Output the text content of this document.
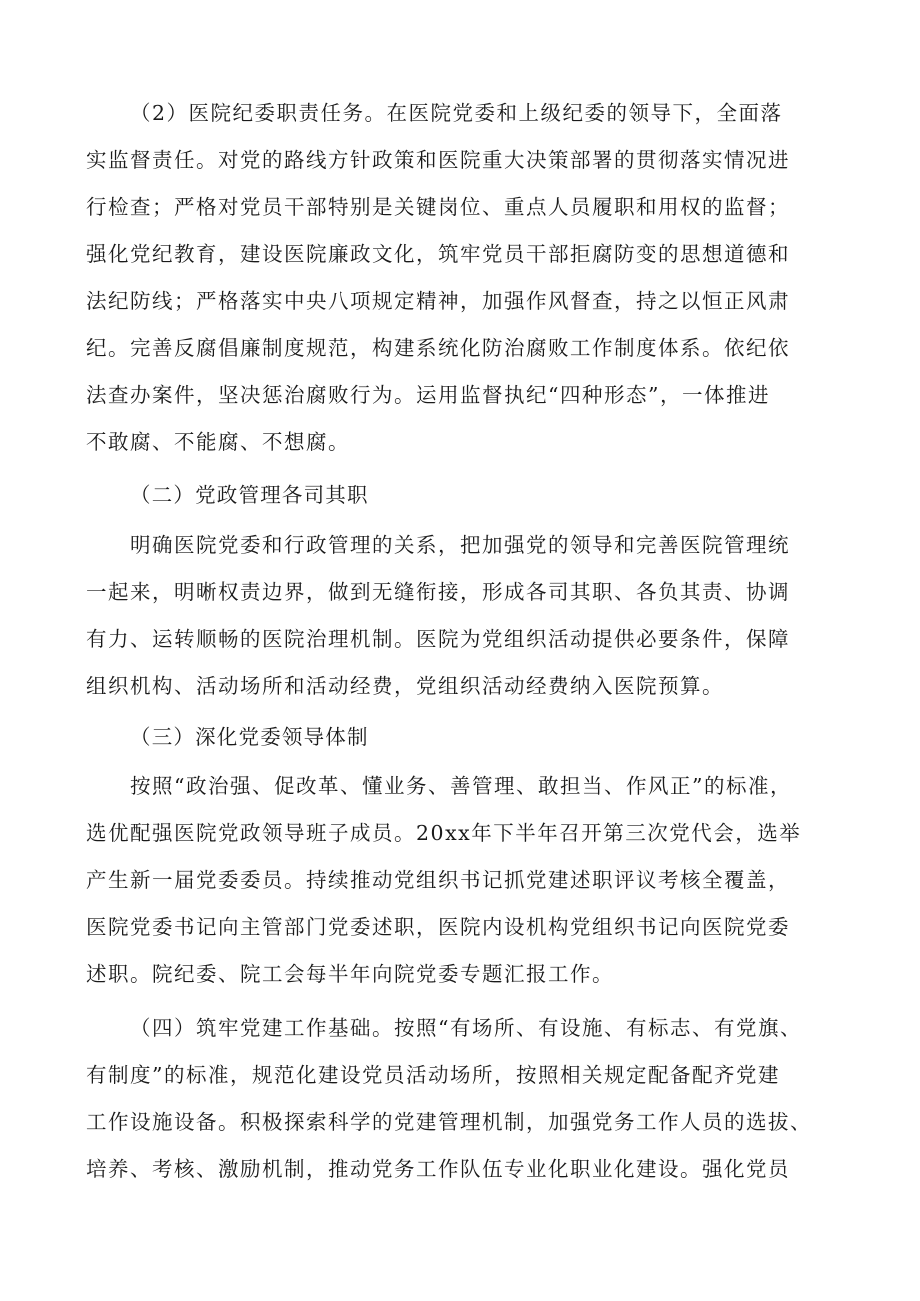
（2）医院纪委职责任务。在医院党委和上级纪委的领导下，全面落
实监督责任。对党的路线方针政策和医院重大决策部署的贯彻落实情况进
行检查；严格对党员干部特别是关键岗位、重点人员履职和用权的监督；
强化党纪教育，建设医院廉政文化，筑牢党员干部拒腐防变的思想道德和
法纪防线；严格落实中央八项规定精神，加强作风督查，持之以恒正风肃
纪。完善反腐倡廉制度规范，构建系统化防治腐败工作制度体系。依纪依
法查办案件，坚决惩治腐败行为。运用监督执纪“四种形态”，一体推进
不敢腐、不能腐、不想腐。
（二）党政管理各司其职
明确医院党委和行政管理的关系，把加强党的领导和完善医院管理统
一起来，明晰权责边界，做到无缝衔接，形成各司其职、各负其责、协调
有力、运转顺畅的医院治理机制。医院为党组织活动提供必要条件，保障
组织机构、活动场所和活动经费，党组织活动经费纳入医院预算。
（三）深化党委领导体制
按照“政治强、促改革、懂业务、善管理、敢担当、作风正”的标准，
选优配强医院党政领导班子成员。20xx年下半年召开第三次党代会，选举
产生新一届党委委员。持续推动党组织书记抓党建述职评议考核全覆盖，
医院党委书记向主管部门党委述职，医院内设机构党组织书记向医院党委
述职。院纪委、院工会每半年向院党委专题汇报工作。
（四）筑牢党建工作基础。按照“有场所、有设施、有标志、有党旗、
有制度”的标准，规范化建设党员活动场所，按照相关规定配备配齐党建
工作设施设备。积极探索科学的党建管理机制，加强党务工作人员的选拔、
培养、考核、激励机制，推动党务工作队伍专业化职业化建设。强化党员
